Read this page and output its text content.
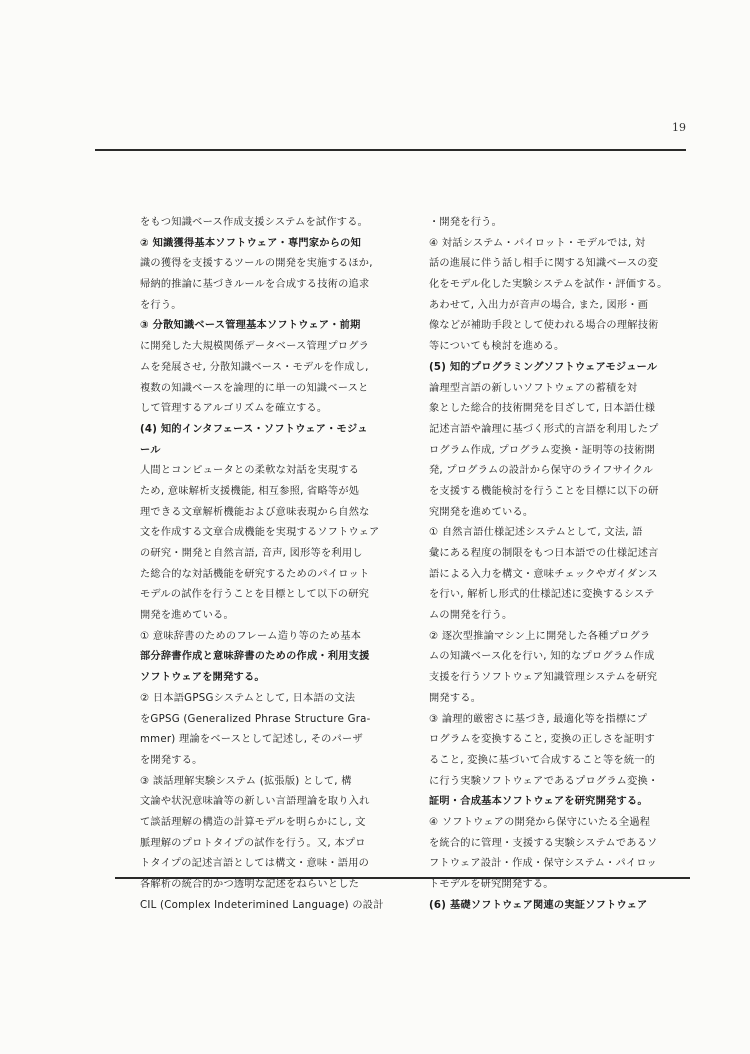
19
をもつ知識ベース作成支援システムを試作する。
② 知識獲得基本ソフトウェア・専門家からの知
識の獲得を支援するツールの開発を実施するほか,
帰納的推論に基づきルールを合成する技術の追求
を行う。
③ 分散知識ベース管理基本ソフトウェア・前期
に開発した大規模関係データベース管理プログラ
ムを発展させ, 分散知識ベース・モデルを作成し,
複数の知識ベースを論理的に単一の知識ベースと
して管理するアルゴリズムを確立する。
(4) 知的インタフェース・ソフトウェア・モジュ
ール
人間とコンピュータとの柔軟な対話を実現する
ため, 意味解析支援機能, 相互参照, 省略等が処
理できる文章解析機能および意味表現から自然な
文を作成する文章合成機能を実現するソフトウェア
の研究・開発と自然言語, 音声, 図形等を利用し
た総合的な対話機能を研究するためのパイロット
モデルの試作を行うことを目標として以下の研究
開発を進めている。
① 意味辞書のためのフレーム造り等のため基本
部分辞書作成と意味辞書のための作成・利用支援
ソフトウェアを開発する。
② 日本語GPSGシステムとして, 日本語の文法
をGPSG (Generalized Phrase Structure Gra-
mmer) 理論をベースとして記述し, そのパーザ
を開発する。
③ 談話理解実験システム (拡張版) として, 構
文論や状況意味論等の新しい言語理論を取り入れ
て談話理解の構造の計算モデルを明らかにし, 文
脈理解のプロトタイプの試作を行う。又, 本プロ
トタイプの記述言語としては構文・意味・語用の
各解析の統合的かつ透明な記述をねらいとした
CIL (Complex Indeterimined Language) の設計
・開発を行う。
④ 対話システム・パイロット・モデルでは, 対
話の進展に伴う話し相手に関する知識ベースの変
化をモデル化した実験システムを試作・評価する。
あわせて, 入出力が音声の場合, また, 図形・画
像などが補助手段として使われる場合の理解技術
等についても検討を進める。
(5) 知的プログラミングソフトウェアモジュール
論理型言語の新しいソフトウェアの蓄積を対
象とした総合的技術開発を目ざして, 日本語仕様
記述言語や論理に基づく形式的言語を利用したプ
ログラム作成, プログラム変換・証明等の技術開
発, プログラムの設計から保守のライフサイクル
を支援する機能検討を行うことを目標に以下の研
究開発を進めている。
① 自然言語仕様記述システムとして, 文法, 語
彙にある程度の制限をもつ日本語での仕様記述言
語による入力を構文・意味チェックやガイダンス
を行い, 解析し形式的仕様記述に変換するシステ
ムの開発を行う。
② 逐次型推論マシン上に開発した各種プログラ
ムの知識ベース化を行い, 知的なプログラム作成
支援を行うソフトウェア知識管理システムを研究
開発する。
③ 論理的厳密さに基づき, 最適化等を指標にプ
ログラムを変換すること, 変換の正しさを証明す
ること, 変換に基づいて合成すること等を統一的
に行う実験ソフトウェアであるプログラム変換・
証明・合成基本ソフトウェアを研究開発する。
④ ソフトウェアの開発から保守にいたる全過程
を統合的に管理・支援する実験システムであるソ
フトウェア設計・作成・保守システム・パイロッ
トモデルを研究開発する。
(6) 基礎ソフトウェア関連の実証ソフトウェア
